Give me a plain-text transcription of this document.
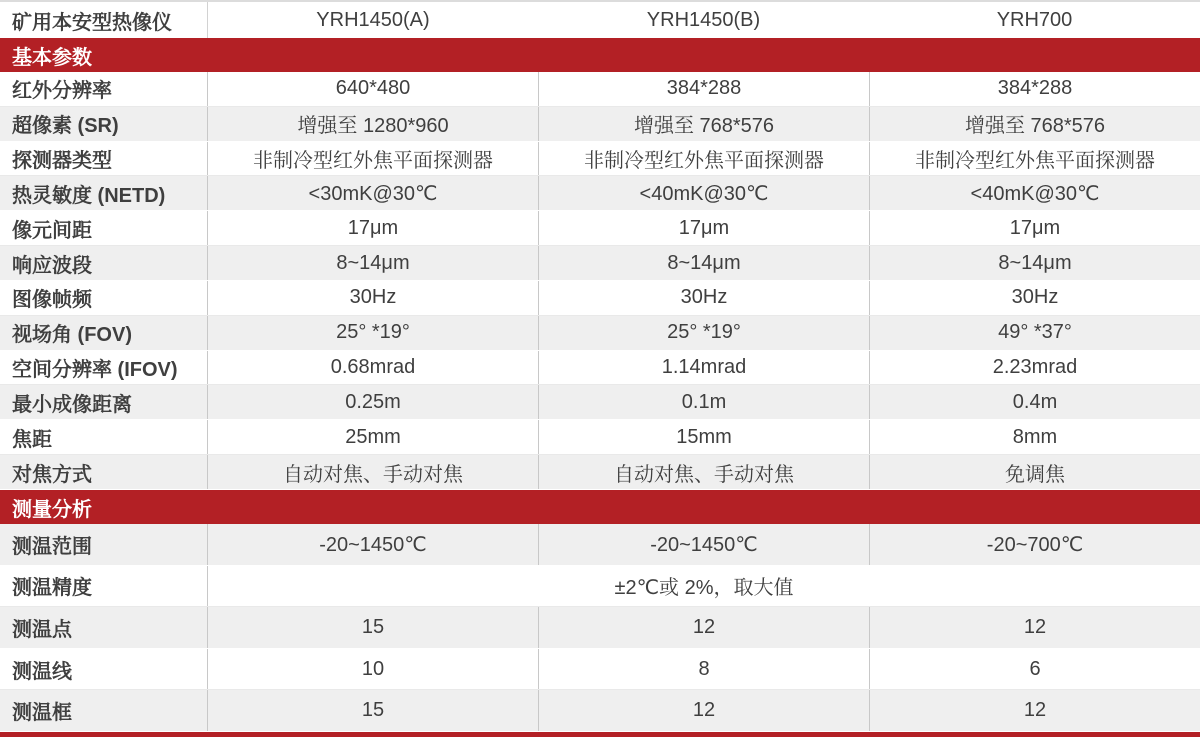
矿用本安型热像仪	YRH1450(A)	YRH1450(B)	YRH700
基本参数
红外分辨率	640*480	384*288	384*288
超像素 (SR)	增强至 1280*960	增强至 768*576	增强至 768*576
探测器类型	非制冷型红外焦平面探测器	非制冷型红外焦平面探测器	非制冷型红外焦平面探测器
热灵敏度 (NETD)	<30mK@30℃	<40mK@30℃	<40mK@30℃
像元间距	17μm	17μm	17μm
响应波段	8~14μm	8~14μm	8~14μm
图像帧频	30Hz	30Hz	30Hz
视场角 (FOV)	25° *19°	25° *19°	49° *37°
空间分辨率 (IFOV)	0.68mrad	1.14mrad	2.23mrad
最小成像距离	0.25m	0.1m	0.4m
焦距	25mm	15mm	8mm
对焦方式	自动对焦、手动对焦	自动对焦、手动对焦	免调焦
测量分析
测温范围	-20~1450℃	-20~1450℃	-20~700℃
测温精度	±2℃或 2%，取大值
测温点	15	12	12
测温线	10	8	6
测温框	15	12	12
